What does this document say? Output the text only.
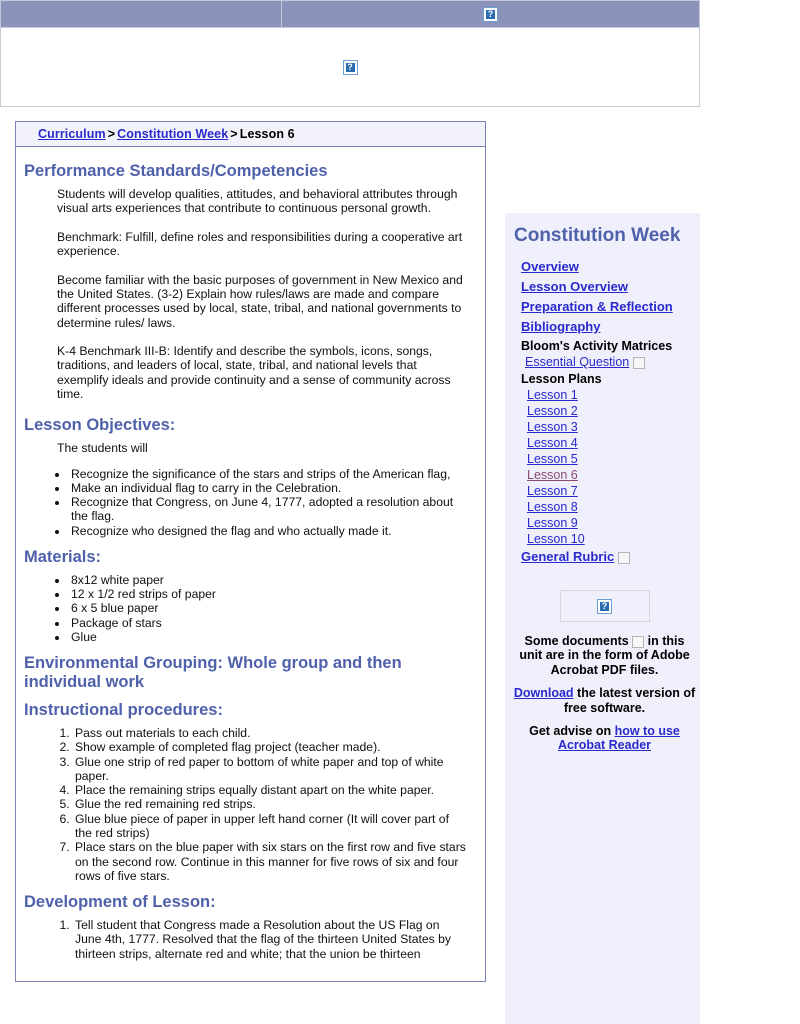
?
?
Curriculum > Constitution Week > Lesson 6
Performance Standards/Competencies

Students will develop qualities, attitudes, and behavioral attributes through visual arts experiences that contribute to continuous personal growth.

Benchmark: Fulfill, define roles and responsibilities during a cooperative art experience.

Become familiar with the basic purposes of government in New Mexico and the United States. (3-2) Explain how rules/laws are made and compare different processes used by local, state, tribal, and national governments to determine rules/ laws.

K-4 Benchmark III-B: Identify and describe the symbols, icons, songs, traditions, and leaders of local, state, tribal, and national levels that exemplify ideals and provide continuity and a sense of community across time.

Lesson Objectives:

The students will

• Recognize the significance of the stars and strips of the American flag,
• Make an individual flag to carry in the Celebration.
• Recognize that Congress, on June 4, 1777, adopted a resolution about the flag.
• Recognize who designed the flag and who actually made it.
Materials:
• 8x12 white paper
• 12 x 1/2 red strips of paper
• 6 x 5 blue paper
• Package of stars
• Glue
Environmental Grouping: Whole group and then individual work
Instructional procedures:
1. Pass out materials to each child.
2. Show example of completed flag project (teacher made).
3. Glue one strip of red paper to bottom of white paper and top of white paper.
4. Place the remaining strips equally distant apart on the white paper.
5. Glue the red remaining red strips.
6. Glue blue piece of paper in upper left hand corner (It will cover part of the red strips)
7. Place stars on the blue paper with six stars on the first row and five stars on the second row. Continue in this manner for five rows of six and four rows of five stars.
Development of Lesson:
1. Tell student that Congress made a Resolution about the US Flag on June 4th, 1777. Resolved that the flag of the thirteen United States by thirteen strips, alternate red and white; that the union be thirteen
Constitution Week
Overview
Lesson Overview
Preparation & Reflection
Bibliography
Bloom's Activity Matrices
Essential Question
Lesson Plans
Lesson 1
Lesson 2
Lesson 3
Lesson 4
Lesson 5
Lesson 6
Lesson 7
Lesson 8
Lesson 9
Lesson 10
General Rubric
?
Some documents in this unit are in the form of Adobe Acrobat PDF files.
Download the latest version of free software.
Get advise on how to use Acrobat Reader
